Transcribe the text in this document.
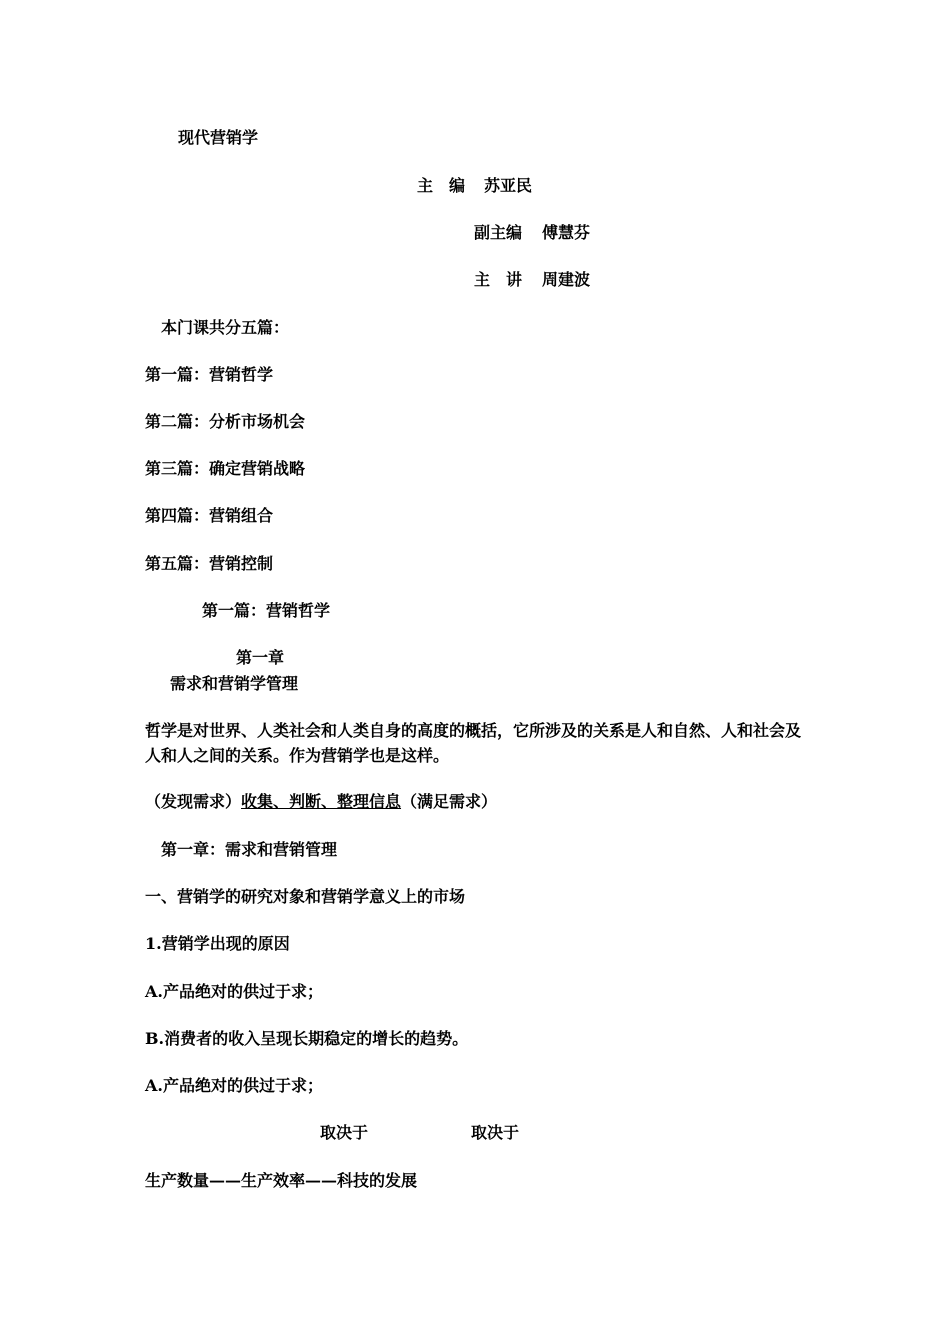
现代营销学
主　编 苏亚民
副主编 傅慧芬
主　讲 周建波
本门课共分五篇：
第一篇：营销哲学
第二篇：分析市场机会
第三篇：确定营销战略
第四篇：营销组合
第五篇：营销控制
第一篇：营销哲学
第一章
需求和营销学管理
哲学是对世界、人类社会和人类自身的高度的概括，它所涉及的关系是人和自然、人和社会及人和人之间的关系。作为营销学也是这样。
（发现需求）收集、判断、整理信息（满足需求）
第一章：需求和营销管理
一、营销学的研究对象和营销学意义上的市场
1.营销学出现的原因
A.产品绝对的供过于求；
B.消费者的收入呈现长期稳定的增长的趋势。
A.产品绝对的供过于求；
取决于	取决于
生产数量——生产效率——科技的发展
